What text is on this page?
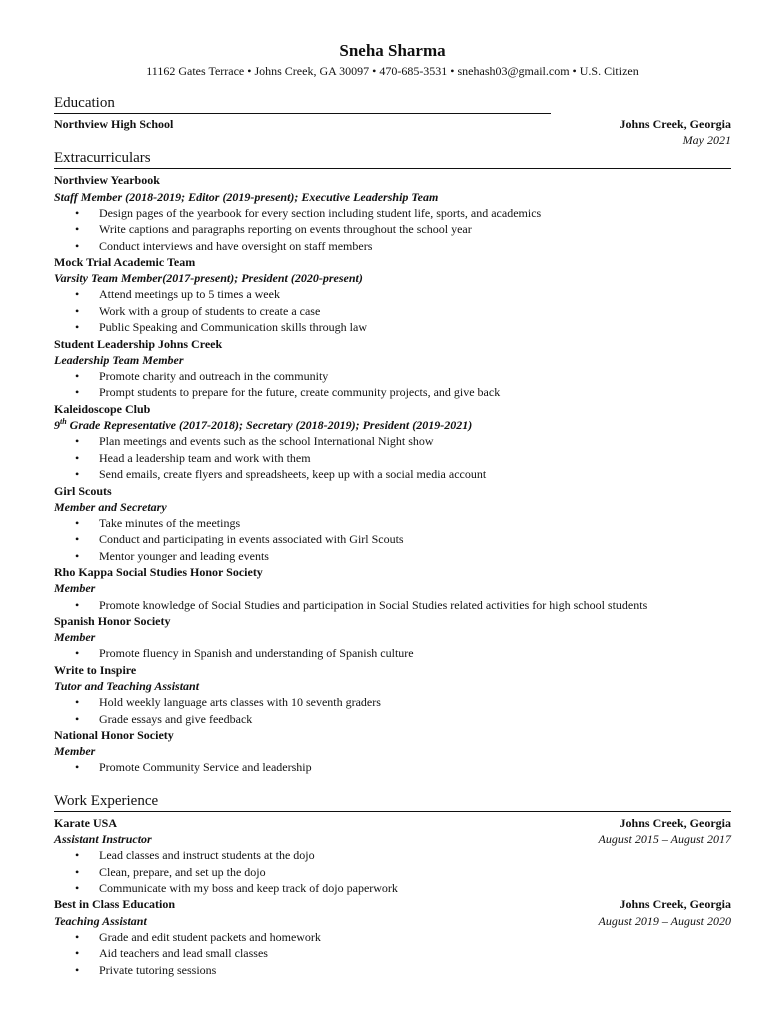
Sneha Sharma
11162 Gates Terrace • Johns Creek, GA 30097 • 470-685-3531 • snehash03@gmail.com • U.S. Citizen
Education
Northview High School	Johns Creek, Georgia
May 2021
Extracurriculars
Northview Yearbook
Staff Member (2018-2019; Editor (2019-present); Executive Leadership Team
• Design pages of the yearbook for every section including student life, sports, and academics
• Write captions and paragraphs reporting on events throughout the school year
• Conduct interviews and have oversight on staff members
Mock Trial Academic Team
Varsity Team Member(2017-present); President (2020-present)
• Attend meetings up to 5 times a week
• Work with a group of students to create a case
• Public Speaking and Communication skills through law
Student Leadership Johns Creek
Leadership Team Member
• Promote charity and outreach in the community
• Prompt students to prepare for the future, create community projects, and give back
Kaleidoscope Club
9th Grade Representative (2017-2018); Secretary (2018-2019); President (2019-2021)
• Plan meetings and events such as the school International Night show
• Head a leadership team and work with them
• Send emails, create flyers and spreadsheets, keep up with a social media account
Girl Scouts
Member and Secretary
• Take minutes of the meetings
• Conduct and participating in events associated with Girl Scouts
• Mentor younger and leading events
Rho Kappa Social Studies Honor Society
Member
• Promote knowledge of Social Studies and participation in Social Studies related activities for high school students
Spanish Honor Society
Member
• Promote fluency in Spanish and understanding of Spanish culture
Write to Inspire
Tutor and Teaching Assistant
• Hold weekly language arts classes with 10 seventh graders
• Grade essays and give feedback
National Honor Society
Member
• Promote Community Service and leadership
Work Experience
Karate USA	Johns Creek, Georgia
Assistant Instructor	August 2015 – August 2017
• Lead classes and instruct students at the dojo
• Clean, prepare, and set up the dojo
• Communicate with my boss and keep track of dojo paperwork
Best in Class Education	Johns Creek, Georgia
Teaching Assistant	August 2019 – August 2020
• Grade and edit student packets and homework
• Aid teachers and lead small classes
• Private tutoring sessions
